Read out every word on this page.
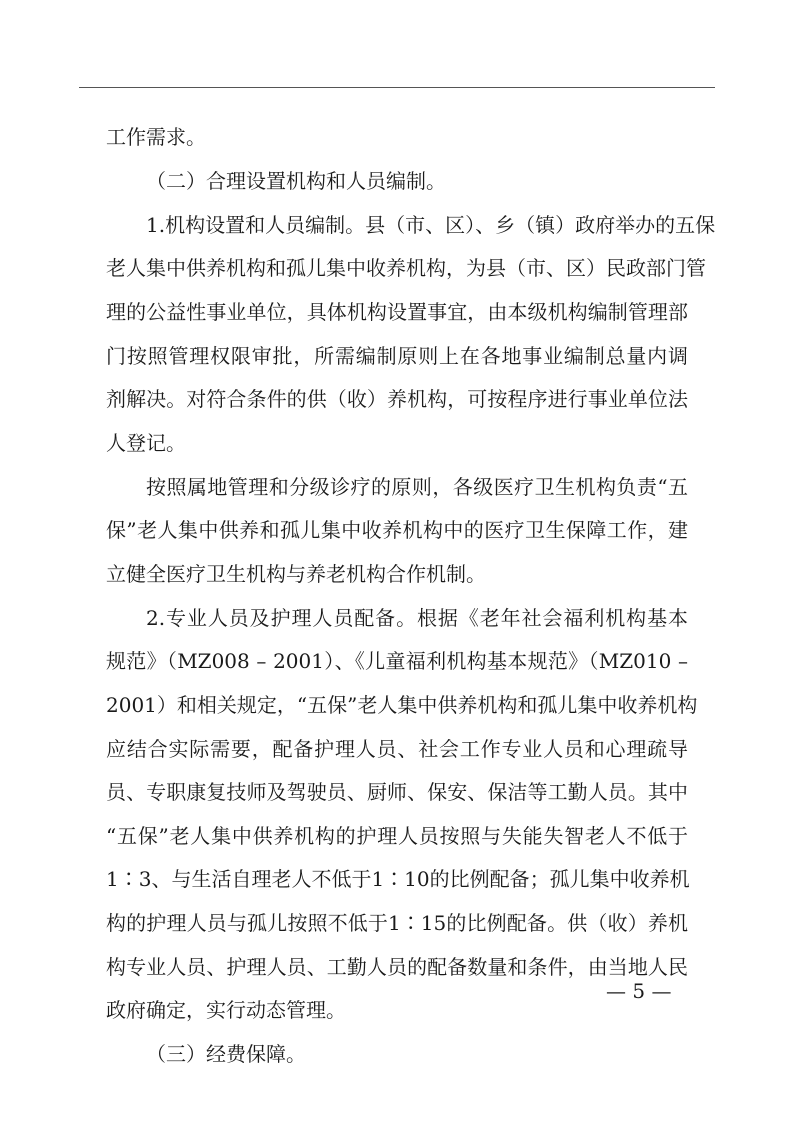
工作需求。
（二）合理设置机构和人员编制。
1.机构设置和人员编制。县（市、区）、乡（镇）政府举办的五保
老人集中供养机构和孤儿集中收养机构，为县（市、区）民政部门管
理的公益性事业单位，具体机构设置事宜，由本级机构编制管理部
门按照管理权限审批，所需编制原则上在各地事业编制总量内调
剂解决。对符合条件的供（收）养机构，可按程序进行事业单位法
人登记。
按照属地管理和分级诊疗的原则，各级医疗卫生机构负责“五
保”老人集中供养和孤儿集中收养机构中的医疗卫生保障工作，建
立健全医疗卫生机构与养老机构合作机制。
2.专业人员及护理人员配备。根据《老年社会福利机构基本
规范》（MZ008 – 2001）、《儿童福利机构基本规范》（MZ010 –
2001）和相关规定，“五保”老人集中供养机构和孤儿集中收养机构
应结合实际需要，配备护理人员、社会工作专业人员和心理疏导
员、专职康复技师及驾驶员、厨师、保安、保洁等工勤人员。其中
“五保”老人集中供养机构的护理人员按照与失能失智老人不低于
1∶3、与生活自理老人不低于1∶10的比例配备；孤儿集中收养机
构的护理人员与孤儿按照不低于1∶15的比例配备。供（收）养机
构专业人员、护理人员、工勤人员的配备数量和条件，由当地人民
政府确定，实行动态管理。
（三）经费保障。
— 5 —
